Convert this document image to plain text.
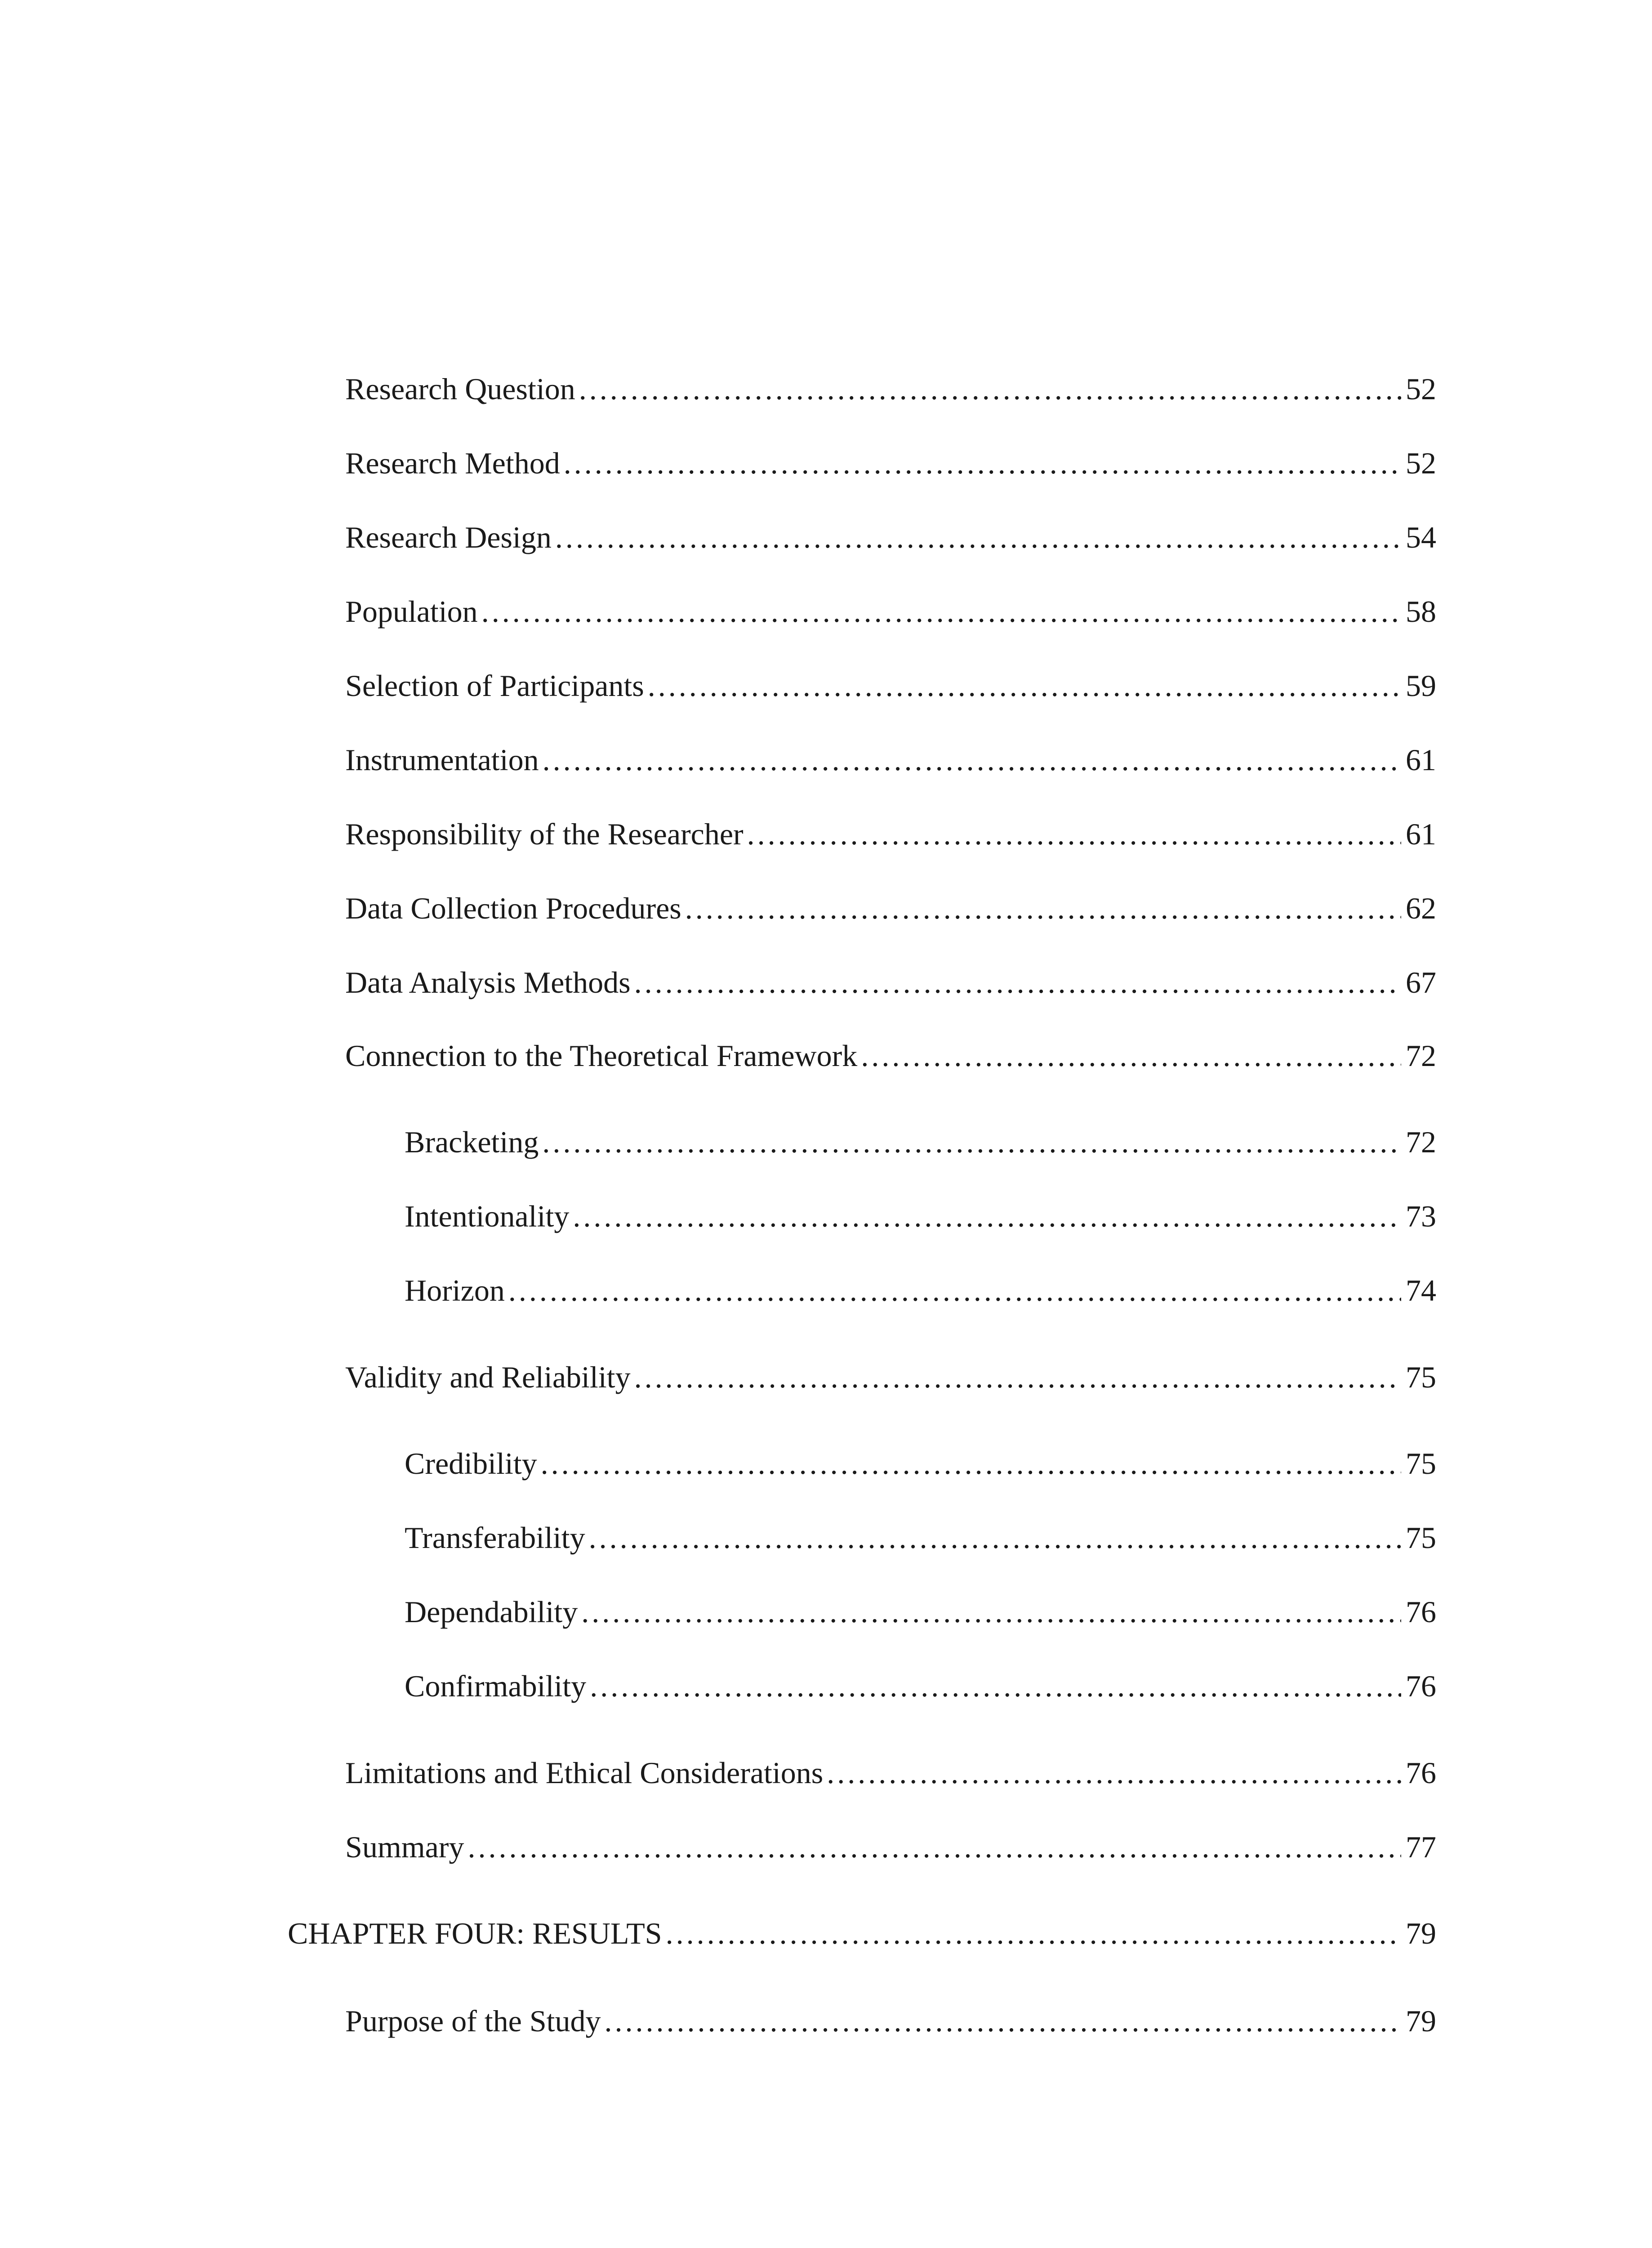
Research Question .....	52
Research Method .....	52
Research Design .....	54
Population .....	58
Selection of Participants .....	59
Instrumentation .....	61
Responsibility of the Researcher .....	61
Data Collection Procedures .....	62
Data Analysis Methods .....	67
Connection to the Theoretical Framework .....	72
Bracketing .....	72
Intentionality .....	73
Horizon .....	74
Validity and Reliability .....	75
Credibility .....	75
Transferability .....	75
Dependability .....	76
Confirmability .....	76
Limitations and Ethical Considerations .....	76
Summary .....	77
CHAPTER FOUR: RESULTS .....	79
Purpose of the Study .....	79
